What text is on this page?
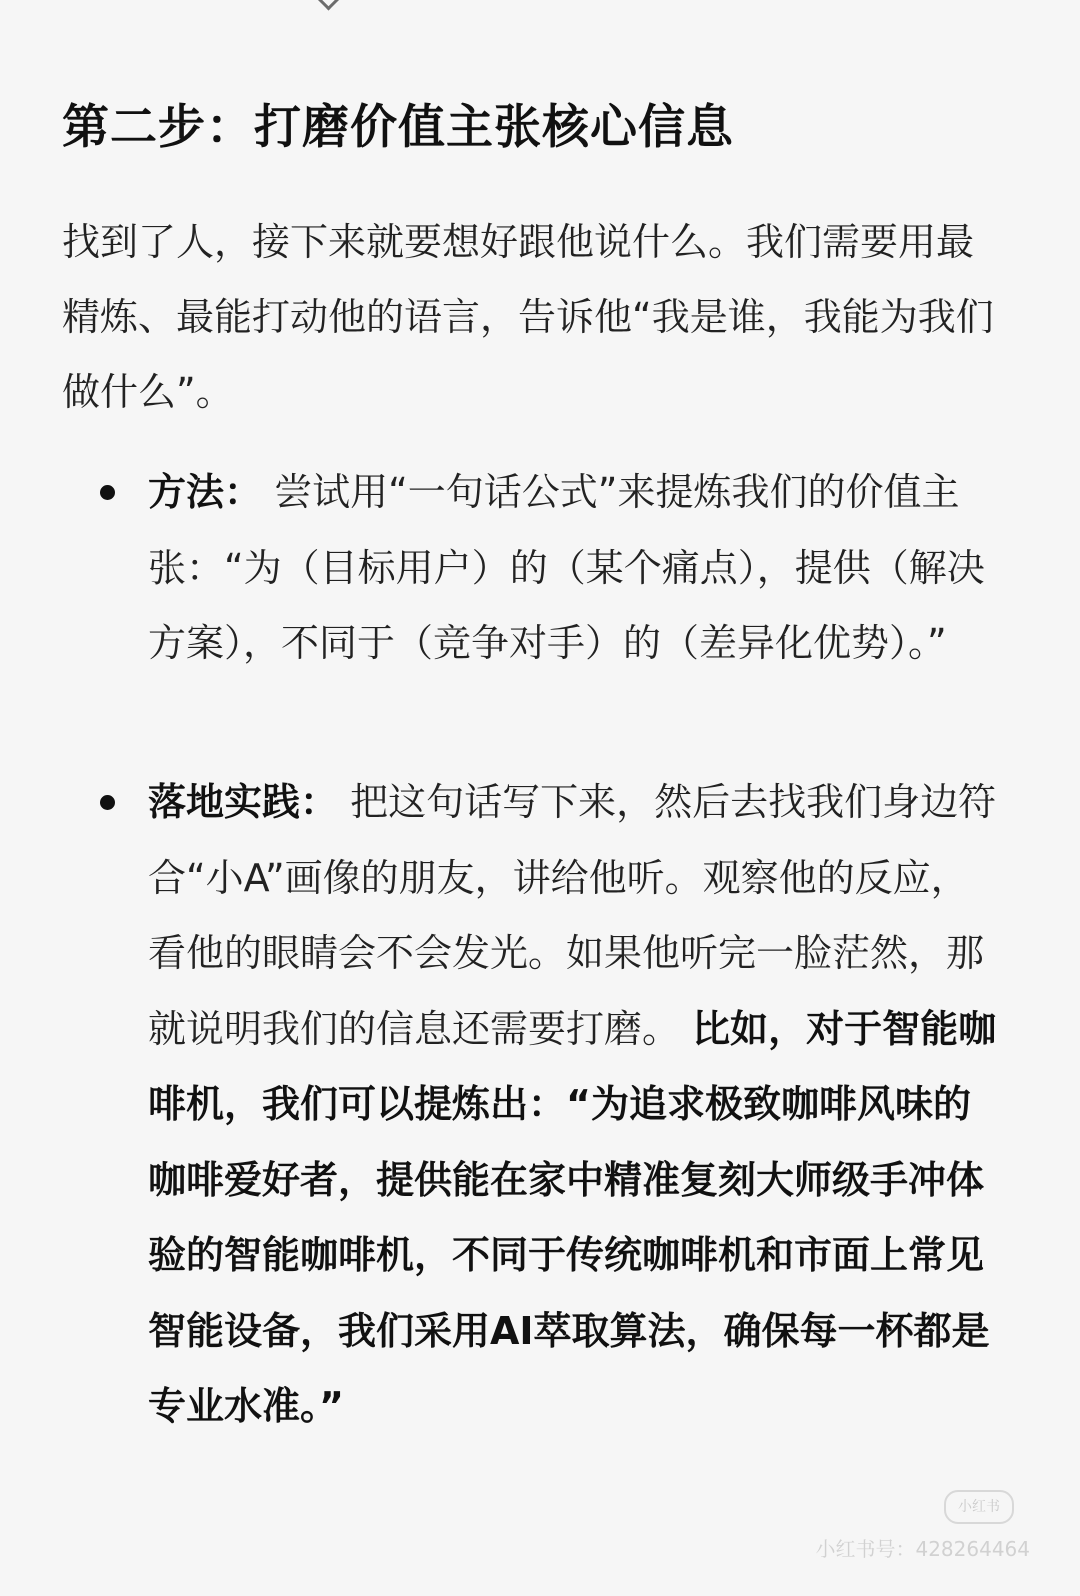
第二步：打磨价值主张核心信息
找到了人，接下来就要想好跟他说什么。我们需要用最精炼、最能打动他的语言，告诉他“我是谁，我能为我们做什么”。
方法： 尝试用“一句话公式”来提炼我们的价值主张：“为（目标用户）的（某个痛点），提供（解决方案），不同于（竞争对手）的（差异化优势）。”
落地实践： 把这句话写下来，然后去找我们身边符合“小A”画像的朋友，讲给他听。观察他的反应，看他的眼睛会不会发光。如果他听完一脸茫然，那就说明我们的信息还需要打磨。 比如，对于智能咖啡机，我们可以提炼出：“为追求极致咖啡风味的咖啡爱好者，提供能在家中精准复刻大师级手冲体验的智能咖啡机，不同于传统咖啡机和市面上常见智能设备，我们采用AI萃取算法，确保每一杯都是专业水准。”
小红书
小红书号：4282644​64
